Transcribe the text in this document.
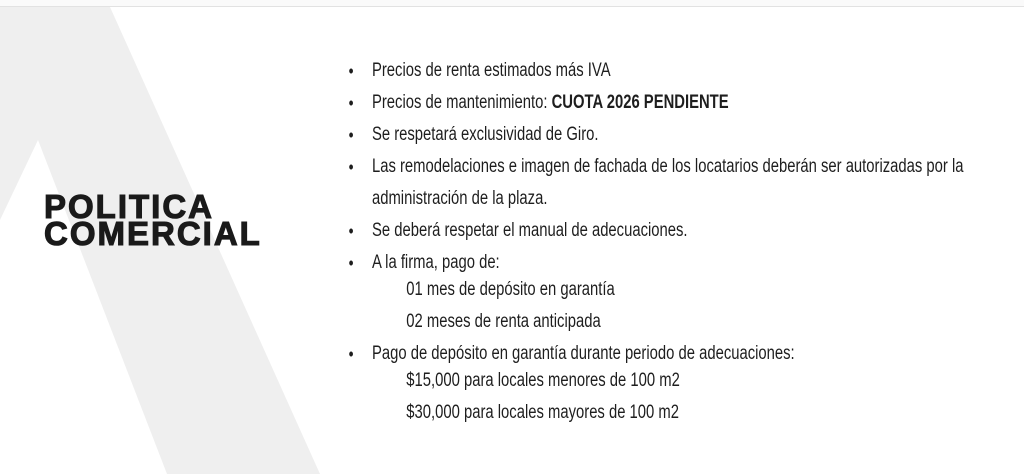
POLITICA
COMERCIAL
• Precios de renta estimados más IVA
• Precios de mantenimiento: CUOTA 2026 PENDIENTE
• Se respetará exclusividad de Giro.
• Las remodelaciones e imagen de fachada de los locatarios deberán ser autorizadas por la
administración de la plaza.
• Se deberá respetar el manual de adecuaciones.
• A la firma, pago de:
01 mes de depósito en garantía
02 meses de renta anticipada
• Pago de depósito en garantía durante periodo de adecuaciones:
$15,000 para locales menores de 100 m2
$30,000 para locales mayores de 100 m2
